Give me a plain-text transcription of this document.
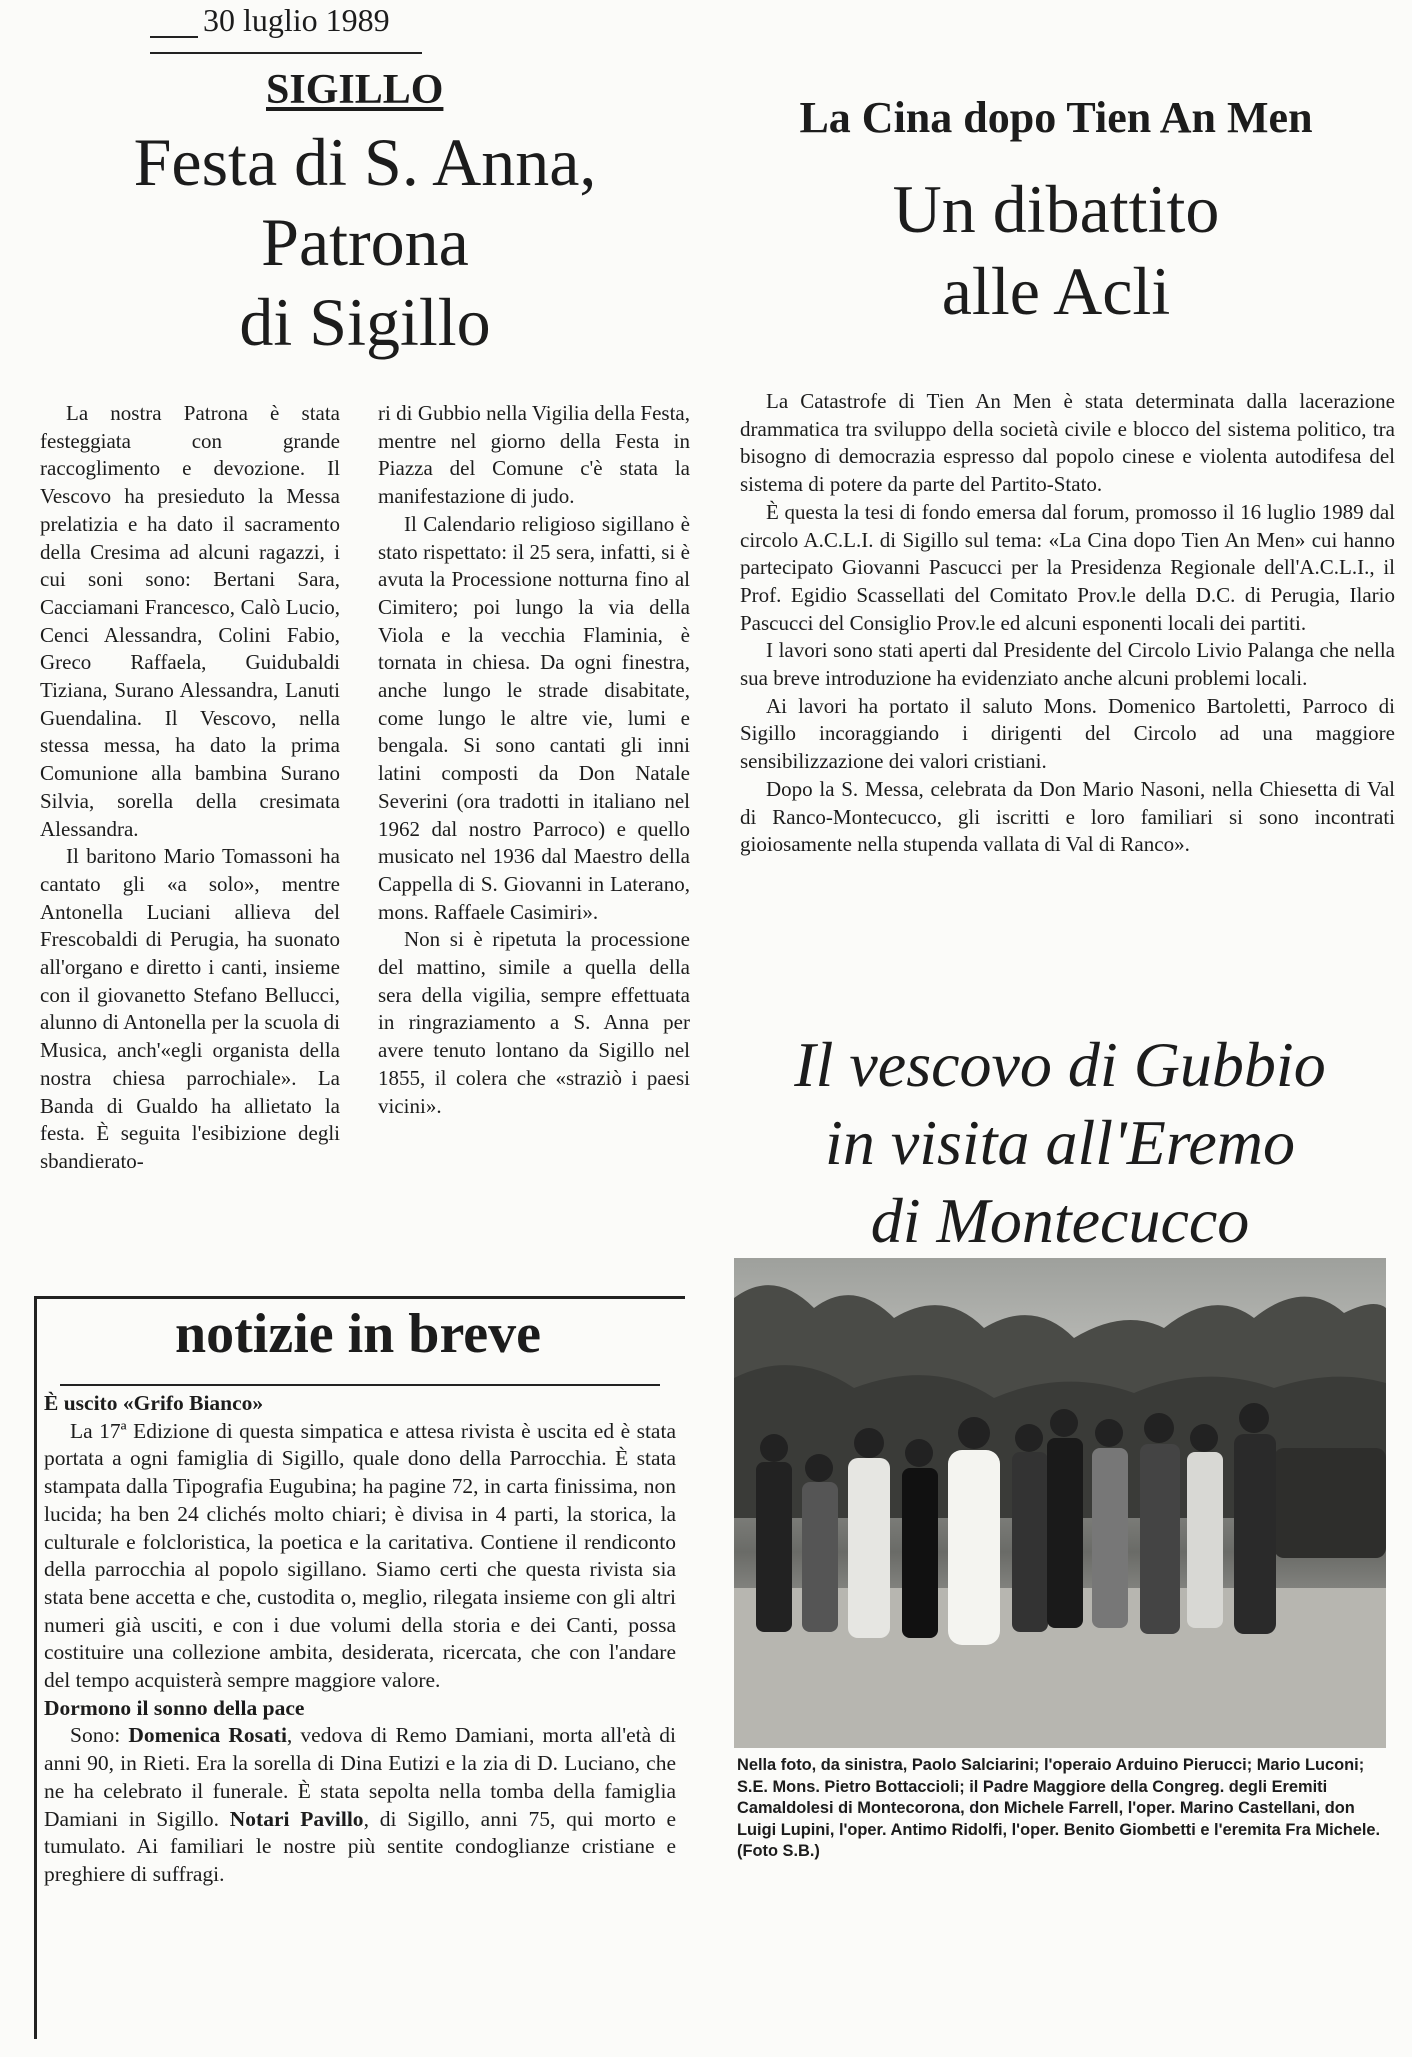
30 luglio 1989
SIGILLO
Festa di S. Anna,
Patrona
di Sigillo

La nostra Patrona è stata festeggiata con grande raccoglimento e devozione. Il Vescovo ha presieduto la Messa prelatizia e ha dato il sacramento della Cresima ad alcuni ragazzi, i cui soni sono: Bertani Sara, Cacciamani Francesco, Calò Lucio, Cenci Alessandra, Colini Fabio, Greco Raffaela, Guidubaldi Tiziana, Surano Alessandra, Lanuti Guendalina. Il Vescovo, nella stessa messa, ha dato la prima Comunione alla bambina Surano Silvia, sorella della cresimata Alessandra.

Il baritono Mario Tomassoni ha cantato gli «a solo», mentre Antonella Luciani allieva del Frescobaldi di Perugia, ha suonato all'organo e diretto i canti, insieme con il giovanetto Stefano Bellucci, alunno di Antonella per la scuola di Musica, anch'«egli organista della nostra chiesa parrochiale». La Banda di Gualdo ha allietato la festa. È seguita l'esibizione degli sbandierato-

ri di Gubbio nella Vigilia della Festa, mentre nel giorno della Festa in Piazza del Comune c'è stata la manifestazione di judo.

Il Calendario religioso sigillano è stato rispettato: il 25 sera, infatti, si è avuta la Processione notturna fino al Cimitero; poi lungo la via della Viola e la vecchia Flaminia, è tornata in chiesa. Da ogni finestra, anche lungo le strade disabitate, come lungo le altre vie, lumi e bengala. Si sono cantati gli inni latini composti da Don Natale Severini (ora tradotti in italiano nel 1962 dal nostro Parroco) e quello musicato nel 1936 dal Maestro della Cappella di S. Giovanni in Laterano, mons. Raffaele Casimiri».

Non si è ripetuta la processione del mattino, simile a quella della sera della vigilia, sempre effettuata in ringraziamento a S. Anna per avere tenuto lontano da Sigillo nel 1855, il colera che «straziò i paesi vicini».

La Cina dopo Tien An Men
Un dibattito
alle Acli

La Catastrofe di Tien An Men è stata determinata dalla lacerazione drammatica tra sviluppo della società civile e blocco del sistema politico, tra bisogno di democrazia espresso dal popolo cinese e violenta autodifesa del sistema di potere da parte del Partito-Stato.

È questa la tesi di fondo emersa dal forum, promosso il 16 luglio 1989 dal circolo A.C.L.I. di Sigillo sul tema: «La Cina dopo Tien An Men» cui hanno partecipato Giovanni Pascucci per la Presidenza Regionale dell'A.C.L.I., il Prof. Egidio Scassellati del Comitato Prov.le della D.C. di Perugia, Ilario Pascucci del Consiglio Prov.le ed alcuni esponenti locali dei partiti.

I lavori sono stati aperti dal Presidente del Circolo Livio Palanga che nella sua breve introduzione ha evidenziato anche alcuni problemi locali.

Ai lavori ha portato il saluto Mons. Domenico Bartoletti, Parroco di Sigillo incoraggiando i dirigenti del Circolo ad una maggiore sensibilizzazione dei valori cristiani.

Dopo la S. Messa, celebrata da Don Mario Nasoni, nella Chiesetta di Val di Ranco-Montecucco, gli iscritti e loro familiari si sono incontrati gioiosamente nella stupenda vallata di Val di Ranco».

Il vescovo di Gubbio
in visita all'Eremo
di Montecucco
Nella foto, da sinistra, Paolo Salciarini; l'operaio Arduino Pierucci; Mario Luconi; S.E. Mons. Pietro Bottaccioli; il Padre Maggiore della Congreg. degli Eremiti Camaldolesi di Montecorona, don Michele Farrell, l'oper. Marino Castellani, don Luigi Lupini, l'oper. Antimo Ridolfi, l'oper. Benito Giombetti e l'eremita Fra Michele. (Foto S.B.)
notizie in breve

È uscito «Grifo Bianco»

La 17ª Edizione di questa simpatica e attesa rivista è uscita ed è stata portata a ogni famiglia di Sigillo, quale dono della Parrocchia. È stata stampata dalla Tipografia Eugubina; ha pagine 72, in carta finissima, non lucida; ha ben 24 clichés molto chiari; è divisa in 4 parti, la storica, la culturale e folcloristica, la poetica e la caritativa. Contiene il rendiconto della parrocchia al popolo sigillano. Siamo certi che questa rivista sia stata bene accetta e che, custodita o, meglio, rilegata insieme con gli altri numeri già usciti, e con i due volumi della storia e dei Canti, possa costituire una collezione ambita, desiderata, ricercata, che con l'andare del tempo acquisterà sempre maggiore valore.

Dormono il sonno della pace

Sono: Domenica Rosati, vedova di Remo Damiani, morta all'età di anni 90, in Rieti. Era la sorella di Dina Eutizi e la zia di D. Luciano, che ne ha celebrato il funerale. È stata sepolta nella tomba della famiglia Damiani in Sigillo. Notari Pavillo, di Sigillo, anni 75, qui morto e tumulato. Ai familiari le nostre più sentite condoglianze cristiane e preghiere di suffragi.
